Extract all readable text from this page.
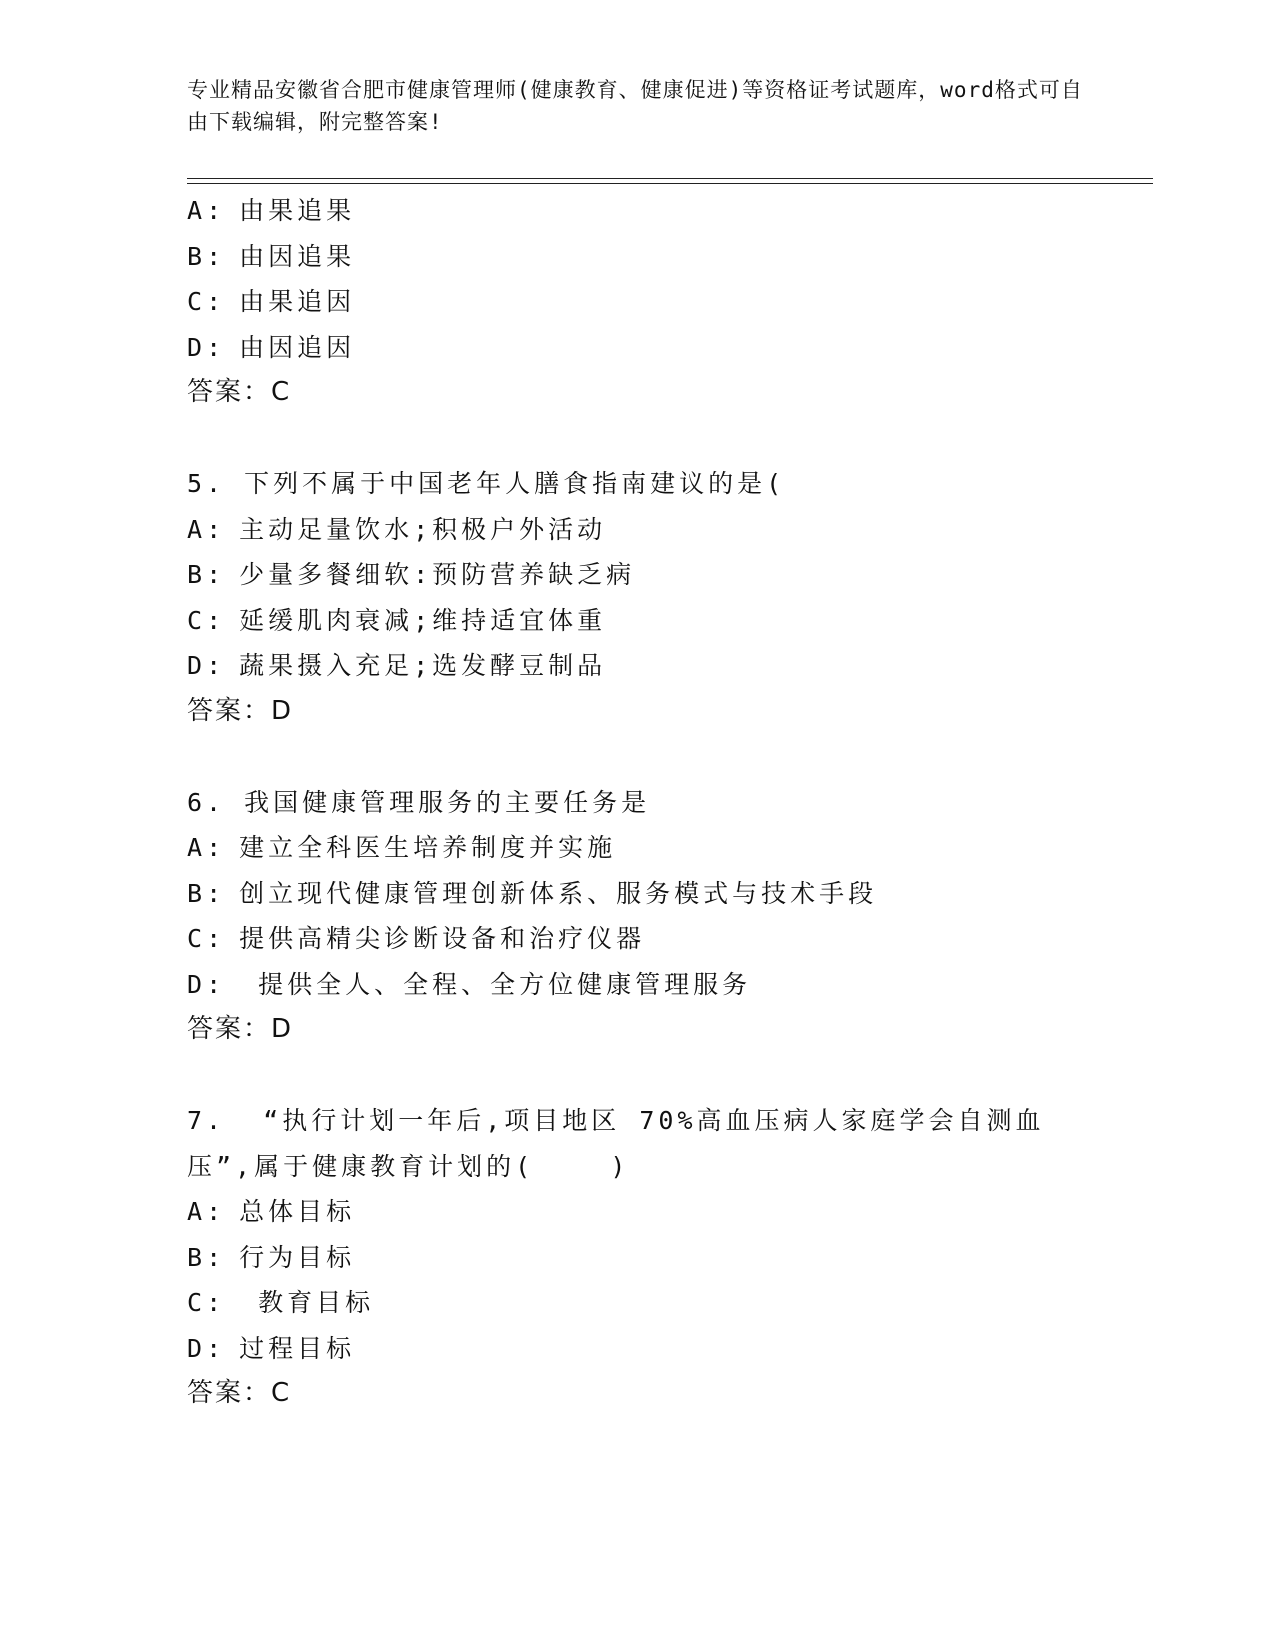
专业精品安徽省合肥市健康管理师(健康教育、健康促进)等资格证考试题库，word格式可自由下载编辑，附完整答案!
A: 由果追果
B: 由因追果
C: 由果追因
D: 由因追因
答案：C
5. 下列不属于中国老年人膳食指南建议的是(
A: 主动足量饮水;积极户外活动
B: 少量多餐细软:预防营养缺乏病
C: 延缓肌肉衰减;维持适宜体重
D: 蔬果摄入充足;选发酵豆制品
答案：D
6. 我国健康管理服务的主要任务是
A: 建立全科医生培养制度并实施
B: 创立现代健康管理创新体系、服务模式与技术手段
C: 提供高精尖诊断设备和治疗仪器
D: 提供全人、全程、全方位健康管理服务
答案：D
7.  “执行计划一年后,项目地区 70%高血压病人家庭学会自测血压”,属于健康教育计划的(    )
A: 总体目标
B: 行为目标
C: 教育目标
D: 过程目标
答案：C
